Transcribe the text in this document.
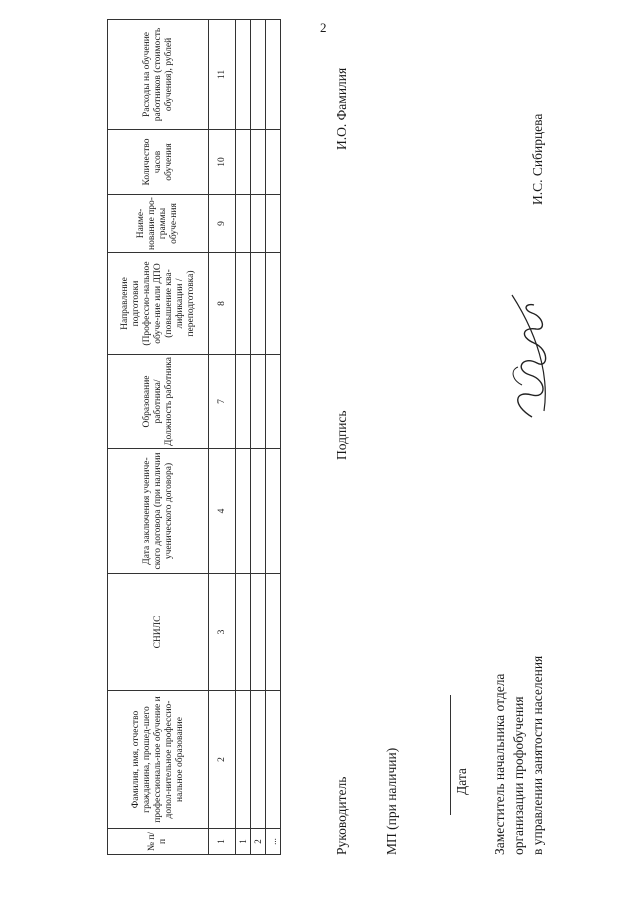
2
№ п/п	Фамилия, имя, отчество гражданина, прошед-шего профессиональ-ное обучение и допол-нительное профессио-нальное образование	СНИЛС	Дата заключения учениче-ского договора (при наличии ученического договора)	Образование работника/ Должность работника	Направление подготовки (Профессио-нальное обуче-ние или ДПО (повышение ква-лификации /переподготовка)	Наиме-нование про-граммы обуче-ния	Количество часов обучения	Расходы на обучение работников (стоимость обучения), рублей
1	2	3	4	7	8	9	10	11
1								
2								
...									Руководитель
Подпись
И.О. Фамилия
МП (при наличии)	Дата Заместитель начальника отдела организации профобучения в управлении занятости населения
И.С. Сибирцева
